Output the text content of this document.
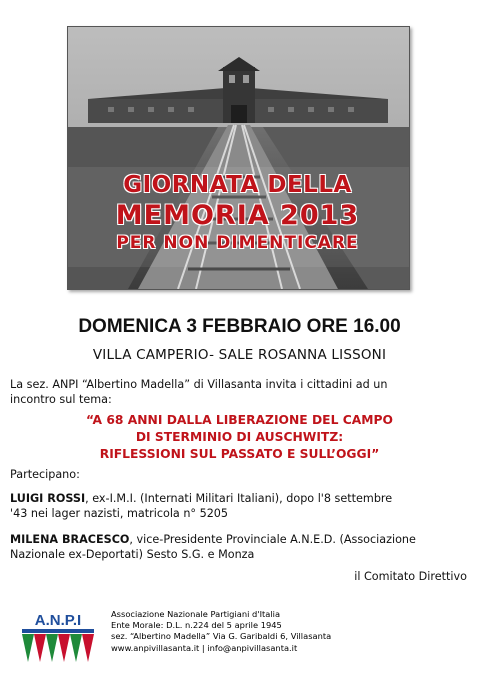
GIORNATA DELLA
MEMORIA 2013
PER NON DIMENTICARE
DOMENICA 3 FEBBRAIO ORE 16.00
VILLA CAMPERIO- SALE ROSANNA LISSONI
La sez. ANPI “Albertino Madella” di Villasanta invita i cittadini ad un
incontro sul tema:
“A 68 ANNI DALLA LIBERAZIONE DEL CAMPO
DI STERMINIO DI AUSCHWITZ:
RIFLESSIONI SUL PASSATO E SULL’OGGI”
Partecipano:
LUIGI ROSSI, ex-I.M.I. (Internati Militari Italiani), dopo l'8 settembre
'43 nei lager nazisti, matricola n° 5205
MILENA BRACESCO, vice-Presidente Provinciale A.N.E.D. (Associazione
Nazionale ex-Deportati) Sesto S.G. e Monza
il Comitato Direttivo
A.N.P.I	Associazione Nazionale Partigiani d'Italia
Ente Morale: D.L. n.224 del 5 aprile 1945
sez. “Albertino Madella” Via G. Garibaldi 6, Villasanta
www.anpivillasanta.it | info@anpivillasanta.it
